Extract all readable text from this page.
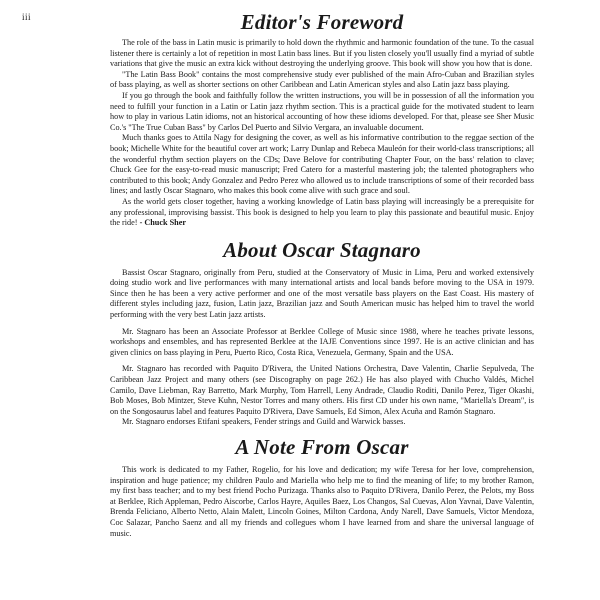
iii	Editor's Foreword

The role of the bass in Latin music is primarily to hold down the rhythmic and harmonic foundation of the tune. To the casual listener there is certainly a lot of repetition in most Latin bass lines. But if you listen closely you'll usually find a myriad of subtle variations that give the music an extra kick without destroying the underlying groove. This book will show you how that is done.

"The Latin Bass Book" contains the most comprehensive study ever published of the main Afro-Cuban and Brazilian styles of bass playing, as well as shorter sections on other Caribbean and Latin American styles and also Latin jazz bass playing.

If you go through the book and faithfully follow the written instructions, you will be in possession of all the information you need to fulfill your function in a Latin or Latin jazz rhythm section. This is a practical guide for the motivated student to learn how to play in various Latin idioms, not an historical accounting of how these idioms developed. For that, please see Sher Music Co.'s "The True Cuban Bass" by Carlos Del Puerto and Silvio Vergara, an invaluable document.

Much thanks goes to Attila Nagy for designing the cover, as well as his informative contribution to the reggae section of the book; Michelle White for the beautiful cover art work; Larry Dunlap and Rebeca Mauleón for their world-class transcriptions; all the wonderful rhythm section players on the CDs; Dave Belove for contributing Chapter Four, on the bass' relation to clave; Chuck Gee for the easy-to-read music manuscript; Fred Catero for a masterful mastering job; the talented photographers who contributed to this book; Andy Gonzalez and Pedro Perez who allowed us to include transcriptions of some of their recorded bass lines; and lastly Oscar Stagnaro, who makes this book come alive with such grace and soul.

As the world gets closer together, having a working knowledge of Latin bass playing will increasingly be a prerequisite for any professional, improvising bassist. This book is designed to help you learn to play this passionate and beautiful music. Enjoy the ride! - Chuck Sher

About Oscar Stagnaro

Bassist Oscar Stagnaro, originally from Peru, studied at the Conservatory of Music in Lima, Peru and worked extensively doing studio work and live performances with many international artists and local bands before moving to the USA in 1979. Since then he has been a very active performer and one of the most versatile bass players on the East Coast. His mastery of different styles including jazz, fusion, Latin jazz, Brazilian jazz and South American music has helped him to travel the world performing with the very best Latin jazz artists.

Mr. Stagnaro has been an Associate Professor at Berklee College of Music since 1988, where he teaches private lessons, workshops and ensembles, and has represented Berklee at the IAJE Conventions since 1997. He is an active clinician and has given clinics on bass playing in Peru, Puerto Rico, Costa Rica, Venezuela, Germany, Spain and the USA.

Mr. Stagnaro has recorded with Paquito D'Rivera, the United Nations Orchestra, Dave Valentin, Charlie Sepulveda, The Caribbean Jazz Project and many others (see Discography on page 262.) He has also played with Chucho Valdés, Michel Camilo, Dave Liebman, Ray Barretto, Mark Murphy, Tom Harrell, Leny Andrade, Claudio Roditi, Danilo Perez, Tiger Okashi, Bob Moses, Bob Mintzer, Steve Kuhn, Nestor Torres and many others. His first CD under his own name, "Mariella's Dream", is on the Songosaurus label and features Paquito D'Rivera, Dave Samuels, Ed Simon, Alex Acuña and Ramón Stagnaro.

Mr. Stagnaro endorses Etifani speakers, Fender strings and Guild and Warwick basses.

A Note From Oscar

This work is dedicated to my Father, Rogelio, for his love and dedication; my wife Teresa for her love, comprehension, inspiration and huge patience; my children Paulo and Mariella who help me to find the meaning of life; to my brother Ramon, my first bass teacher; and to my best friend Pocho Purizaga. Thanks also to Paquito D'Rivera, Danilo Perez, the Pelots, my Boss at Berklee, Rich Appleman, Pedro Aiscorbe, Carlos Hayre, Aquiles Baez, Los Changos, Sal Cuevas, Alon Yavnai, Dave Valentin, Brenda Feliciano, Alberto Netto, Alain Malett, Lincoln Goines, Milton Cardona, Andy Narell, Dave Samuels, Victor Mendoza, Coc Salazar, Pancho Saenz and all my friends and collegues whom I have learned from and share the universal language of music.
